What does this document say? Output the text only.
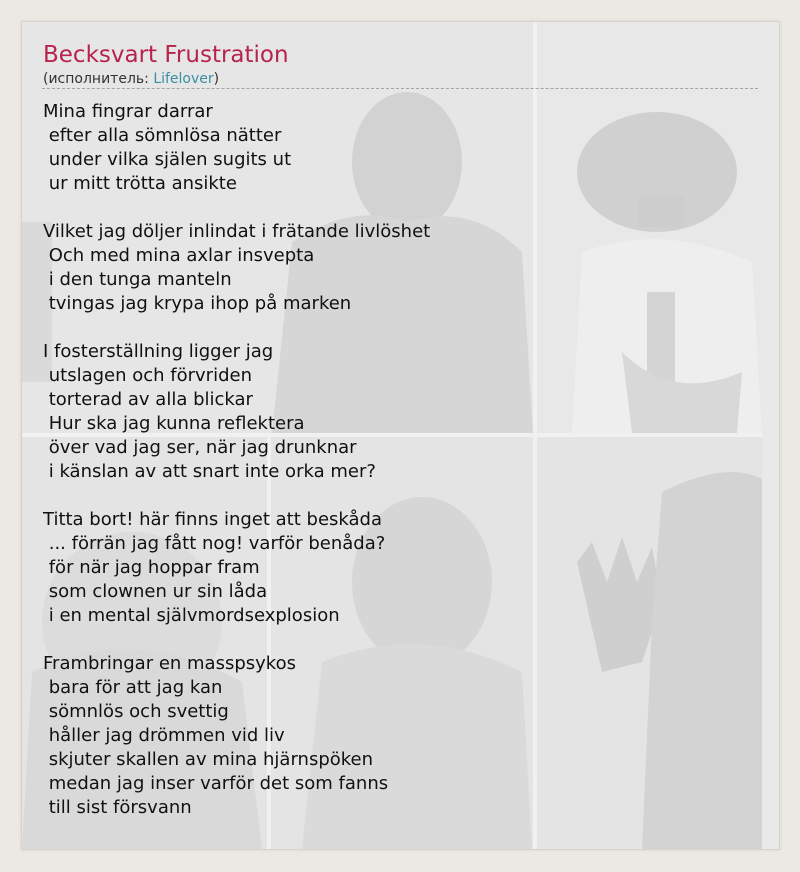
Becksvart Frustration
(исполнитель: Lifelover)
Mina fingrar darrar
efter alla sömnlösa nätter
under vilka själen sugits ut
ur mitt trötta ansikte
Vilket jag döljer inlindat i frätande livlöshet
Och med mina axlar insvepta
i den tunga manteln
tvingas jag krypa ihop på marken
I fosterställning ligger jag
utslagen och förvriden
torterad av alla blickar
Hur ska jag kunna reflektera
över vad jag ser, när jag drunknar
i känslan av att snart inte orka mer?
Titta bort! här finns inget att beskåda
... förrän jag fått nog! varför benåda?
för när jag hoppar fram
som clownen ur sin låda
i en mental självmordsexplosion
Frambringar en masspsykos
bara för att jag kan
sömnlös och svettig
håller jag drömmen vid liv
skjuter skallen av mina hjärnspöken
medan jag inser varför det som fanns
till sist försvann
